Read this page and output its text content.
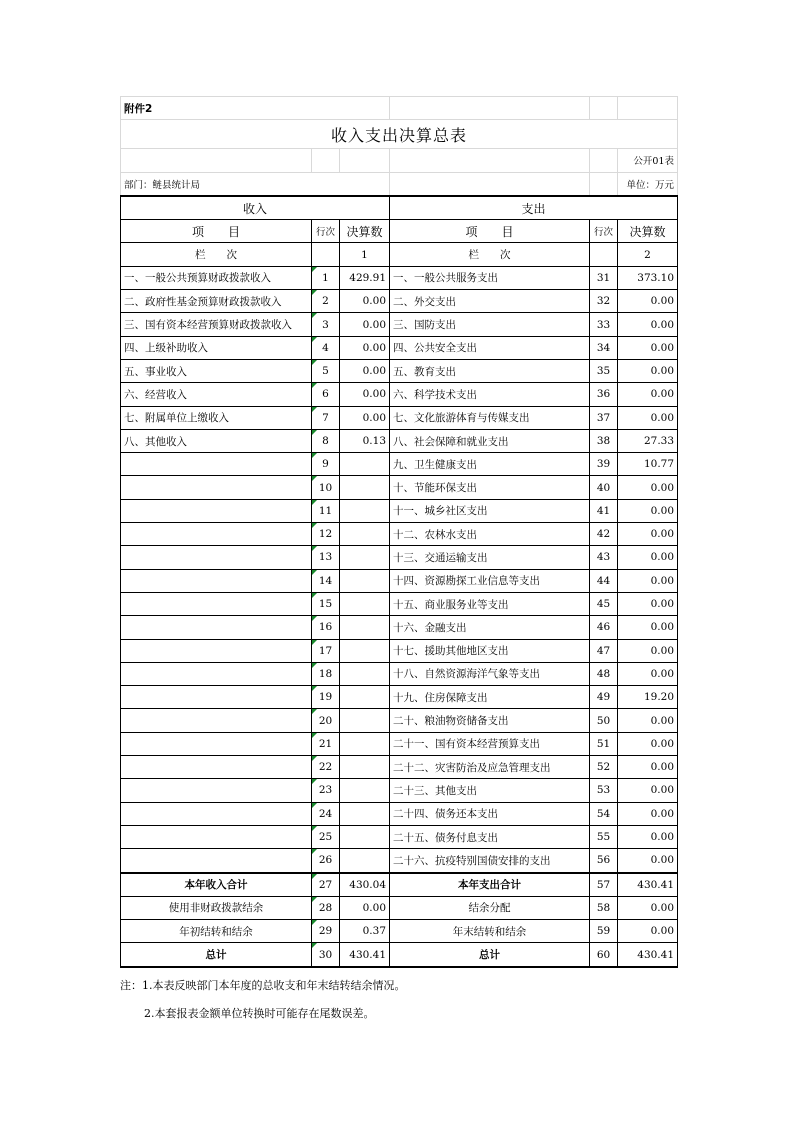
附件2					
收入支出决算总表					
					公开01表
部门：鲢县统计局					单位：万元
收入			支出		
项　　目	行次	决算数	项　　目	行次	决算数
栏　　次		1	栏　　次		2
一、一般公共预算财政拨款收入	1	429.91	一、一般公共服务支出	31	373.10
二、政府性基金预算财政拨款收入	2	0.00	二、外交支出	32	0.00
三、国有资本经营预算财政拨款收入	3	0.00	三、国防支出	33	0.00
四、上级补助收入	4	0.00	四、公共安全支出	34	0.00
五、事业收入	5	0.00	五、教育支出	35	0.00
六、经营收入	6	0.00	六、科学技术支出	36	0.00
七、附属单位上缴收入	7	0.00	七、文化旅游体育与传媒支出	37	0.00
八、其他收入	8	0.13	八、社会保障和就业支出	38	27.33
	9		九、卫生健康支出	39	10.77
	10		十、节能环保支出	40	0.00
	11		十一、城乡社区支出	41	0.00
	12		十二、农林水支出	42	0.00
	13		十三、交通运输支出	43	0.00
	14		十四、资源勘探工业信息等支出	44	0.00
	15		十五、商业服务业等支出	45	0.00
	16		十六、金融支出	46	0.00
	17		十七、援助其他地区支出	47	0.00
	18		十八、自然资源海洋气象等支出	48	0.00
	19		十九、住房保障支出	49	19.20
	20		二十、粮油物资储备支出	50	0.00
	21		二十一、国有资本经营预算支出	51	0.00
	22		二十二、灾害防治及应急管理支出	52	0.00
	23		二十三、其他支出	53	0.00
	24		二十四、债务还本支出	54	0.00
	25		二十五、债务付息支出	55	0.00
	26		二十六、抗疫特别国债安排的支出	56	0.00
本年收入合计	27	430.04	本年支出合计	57	430.41
使用非财政拨款结余	28	0.00	结余分配	58	0.00
年初结转和结余	29	0.37	年末结转和结余	59	0.00
总计	30	430.41	总计	60	430.41
注：1.本表反映部门本年度的总收支和年末结转结余情况。
2.本套报表金额单位转换时可能存在尾数误差。
